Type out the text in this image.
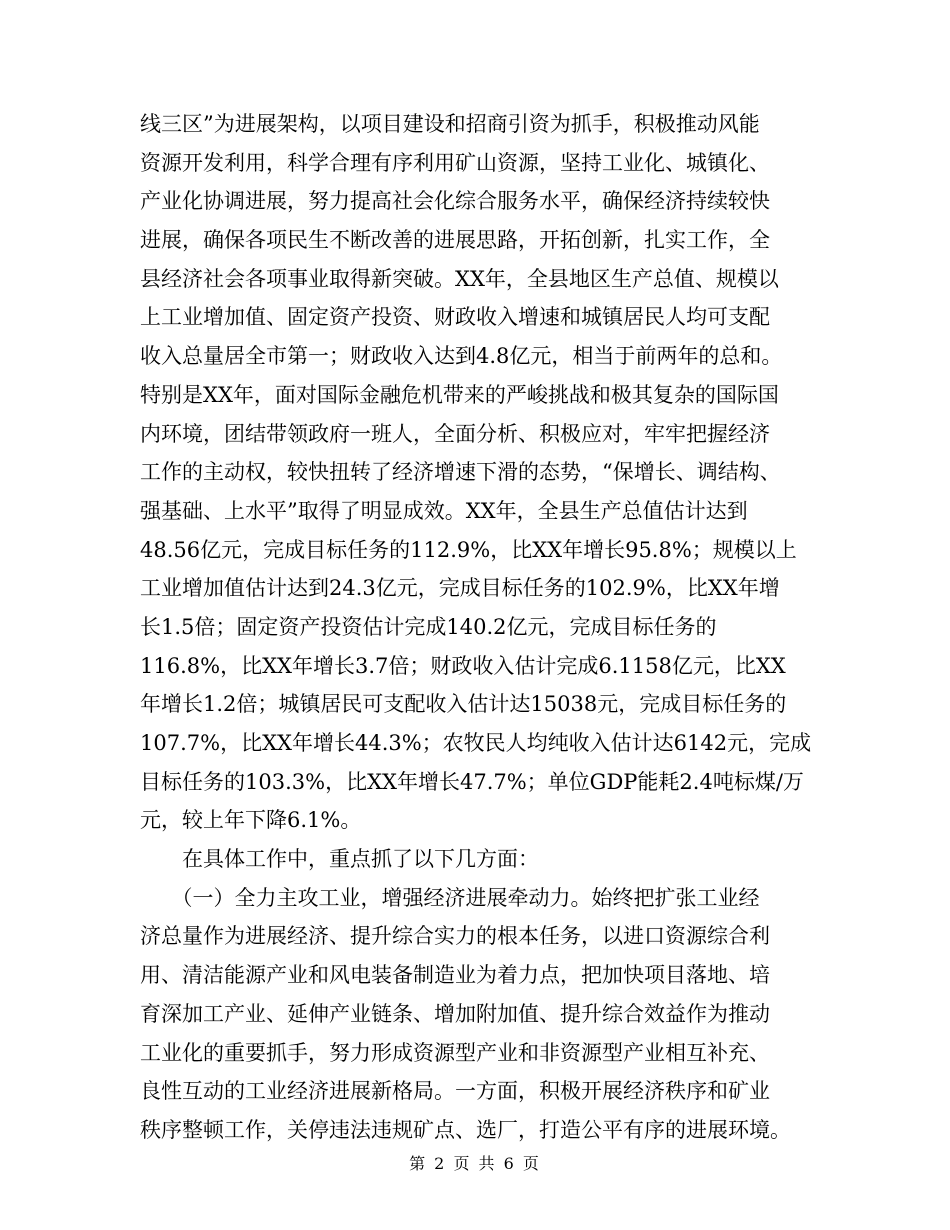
线三区”为进展架构，以项目建设和招商引资为抓手，积极推动风能
资源开发利用，科学合理有序利用矿山资源，坚持工业化、城镇化、
产业化协调进展，努力提高社会化综合服务水平，确保经济持续较快
进展，确保各项民生不断改善的进展思路，开拓创新，扎实工作，全
县经济社会各项事业取得新突破。XX年，全县地区生产总值、规模以
上工业增加值、固定资产投资、财政收入增速和城镇居民人均可支配
收入总量居全市第一；财政收入达到4.8亿元，相当于前两年的总和。
特别是XX年，面对国际金融危机带来的严峻挑战和极其复杂的国际国
内环境，团结带领政府一班人，全面分析、积极应对，牢牢把握经济
工作的主动权，较快扭转了经济增速下滑的态势，“保增长、调结构、
强基础、上水平”取得了明显成效。XX年，全县生产总值估计达到
48.56亿元，完成目标任务的112.9%，比XX年增长95.8%；规模以上
工业增加值估计达到24.3亿元，完成目标任务的102.9%，比XX年增
长1.5倍；固定资产投资估计完成140.2亿元，完成目标任务的
116.8%，比XX年增长3.7倍；财政收入估计完成6.1158亿元，比XX
年增长1.2倍；城镇居民可支配收入估计达15038元，完成目标任务的
107.7%，比XX年增长44.3%；农牧民人均纯收入估计达6142元，完成
目标任务的103.3%，比XX年增长47.7%；单位GDP能耗2.4吨标煤/万
元，较上年下降6.1%。
　　在具体工作中，重点抓了以下几方面：
　　（一）全力主攻工业，增强经济进展牵动力。始终把扩张工业经
济总量作为进展经济、提升综合实力的根本任务，以进口资源综合利
用、清洁能源产业和风电装备制造业为着力点，把加快项目落地、培
育深加工产业、延伸产业链条、增加附加值、提升综合效益作为推动
工业化的重要抓手，努力形成资源型产业和非资源型产业相互补充、
良性互动的工业经济进展新格局。一方面，积极开展经济秩序和矿业
秩序整顿工作，关停违法违规矿点、选厂，打造公平有序的进展环境。
第 2 页 共 6 页
